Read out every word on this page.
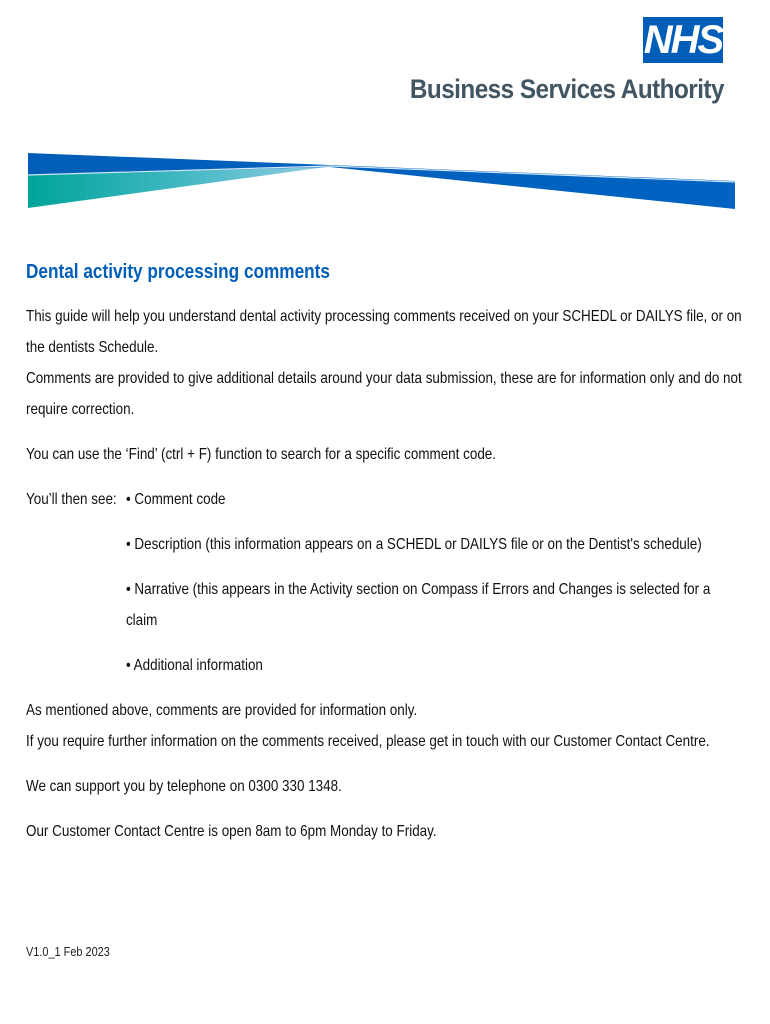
NHS
Business Services Authority
Dental activity processing comments
This guide will help you understand dental activity processing comments received on your SCHEDL or DAILYS file, or on the dentists Schedule.
Comments are provided to give additional details around your data submission, these are for information only and do not require correction.
You can use the ‘Find’ (ctrl + F) function to search for a specific comment code.
You’ll then see: • Comment code
• Description (this information appears on a SCHEDL or DAILYS file or on the Dentist's schedule)
• Narrative (this appears in the Activity section on Compass if Errors and Changes is selected for a claim
• Additional information
As mentioned above, comments are provided for information only.
If you require further information on the comments received, please get in touch with our Customer Contact Centre.
We can support you by telephone on 0300 330 1348.
Our Customer Contact Centre is open 8am to 6pm Monday to Friday.
V1.0_1 Feb 2023
